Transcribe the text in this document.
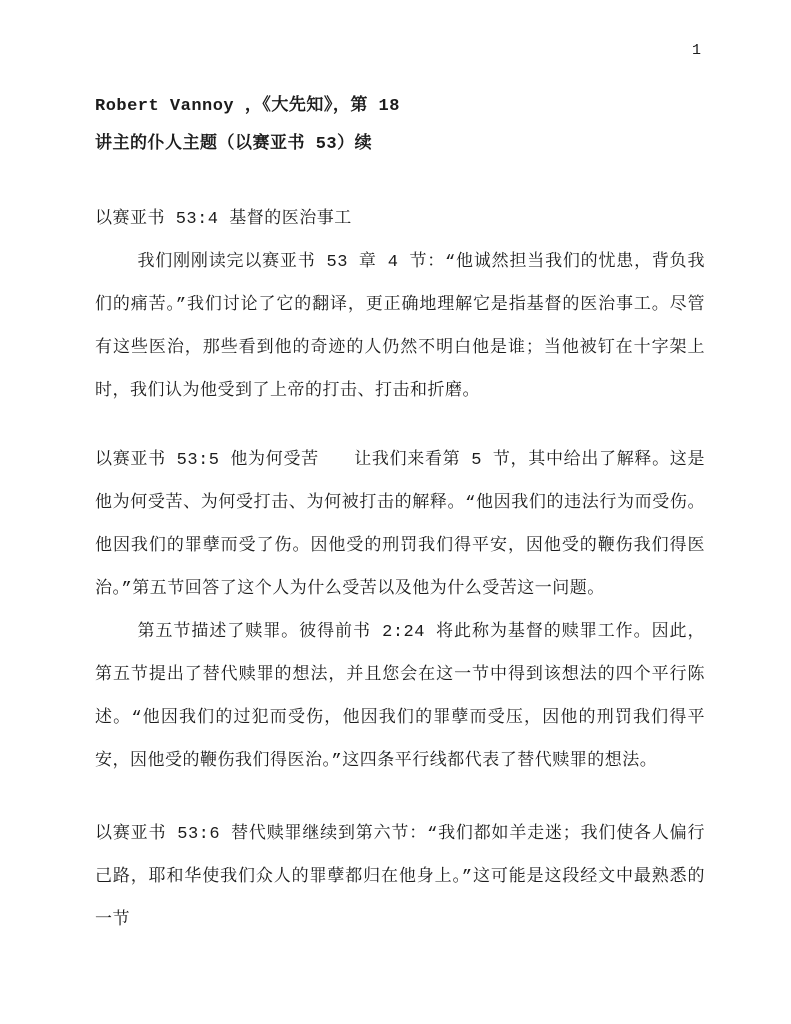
1

Robert Vannoy ，《大先知》，第 18

讲主的仆人主题（以赛亚书 53）续

以赛亚书 53:4 基督的医治事工

我们刚刚读完以赛亚书 53 章 4 节：“他诚然担当我们的忧患，背负我们的痛苦。”我们讨论了它的翻译，更正确地理解它是指基督的医治事工。尽管有这些医治，那些看到他的奇迹的人仍然不明白他是谁；当他被钉在十字架上时，我们认为他受到了上帝的打击、打击和折磨。

以赛亚书 53:5 他为何受苦　　让我们来看第 5 节，其中给出了解释。这是他为何受苦、为何受打击、为何被打击的解释。“他因我们的违法行为而受伤。他因我们的罪孽而受了伤。因他受的刑罚我们得平安，因他受的鞭伤我们得医治。”第五节回答了这个人为什么受苦以及他为什么受苦这一问题。

第五节描述了赎罪。彼得前书 2:24 将此称为基督的赎罪工作。因此，第五节提出了替代赎罪的想法，并且您会在这一节中得到该想法的四个平行陈述。“他因我们的过犯而受伤，他因我们的罪孽而受压，因他的刑罚我们得平安，因他受的鞭伤我们得医治。”这四条平行线都代表了替代赎罪的想法。

以赛亚书 53:6 替代赎罪继续到第六节：“我们都如羊走迷；我们使各人偏行己路，耶和华使我们众人的罪孽都归在他身上。”这可能是这段经文中最熟悉的一节
